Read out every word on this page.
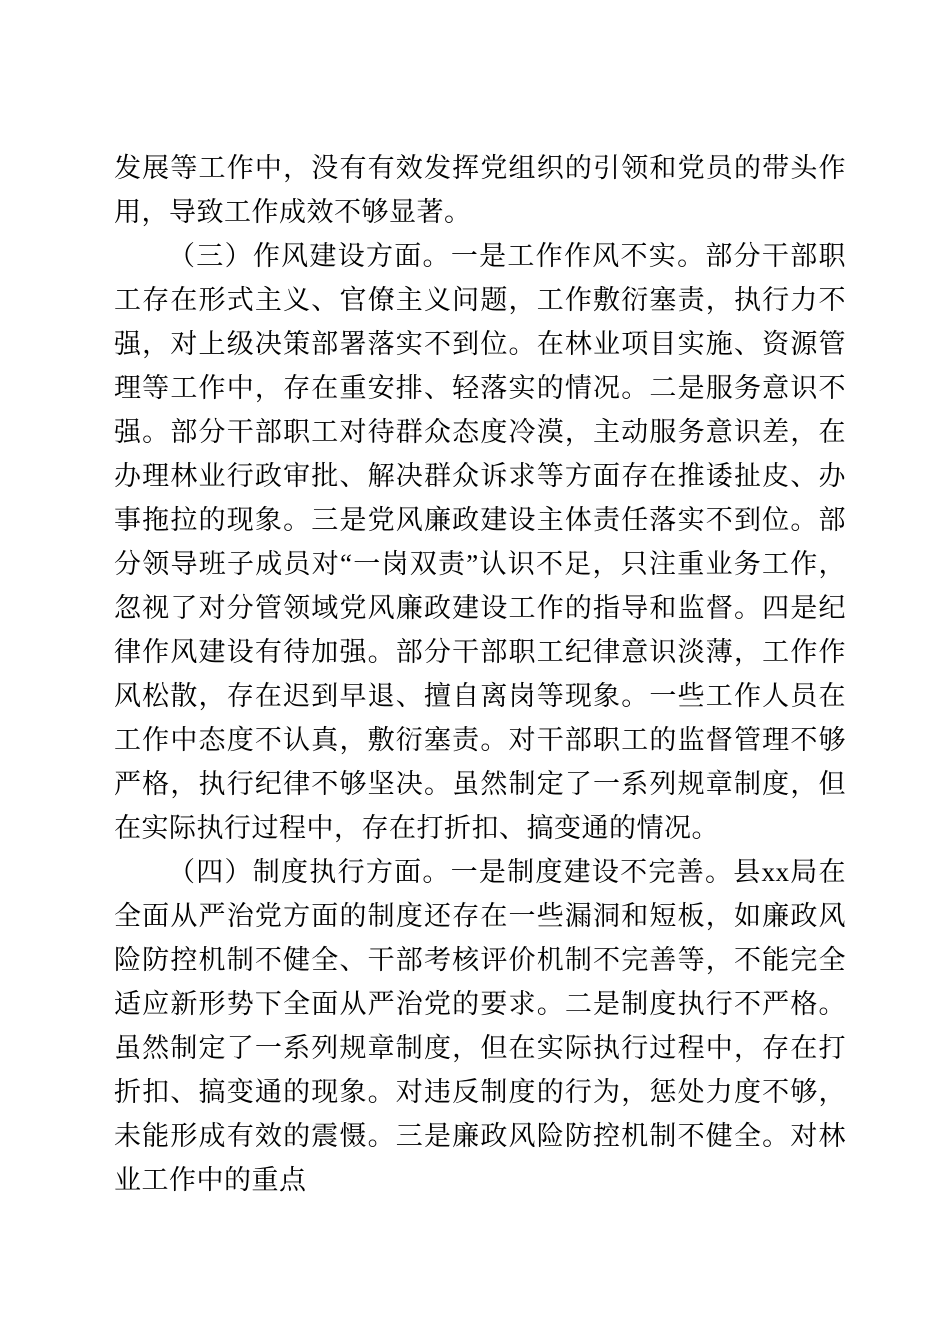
发展等工作中，没有有效发挥党组织的引领和党员的带头作用，导致工作成效不够显著。

（三）作风建设方面。一是工作作风不实。部分干部职工存在形式主义、官僚主义问题，工作敷衍塞责，执行力不强，对上级决策部署落实不到位。在林业项目实施、资源管理等工作中，存在重安排、轻落实的情况。二是服务意识不强。部分干部职工对待群众态度冷漠，主动服务意识差，在办理林业行政审批、解决群众诉求等方面存在推诿扯皮、办事拖拉的现象。三是党风廉政建设主体责任落实不到位。部分领导班子成员对“一岗双责”认识不足，只注重业务工作，忽视了对分管领域党风廉政建设工作的指导和监督。四是纪律作风建设有待加强。部分干部职工纪律意识淡薄，工作作风松散，存在迟到早退、擅自离岗等现象。一些工作人员在工作中态度不认真，敷衍塞责。对干部职工的监督管理不够严格，执行纪律不够坚决。虽然制定了一系列规章制度，但在实际执行过程中，存在打折扣、搞变通的情况。

（四）制度执行方面。一是制度建设不完善。县xx局在全面从严治党方面的制度还存在一些漏洞和短板，如廉政风险防控机制不健全、干部考核评价机制不完善等，不能完全适应新形势下全面从严治党的要求。二是制度执行不严格。虽然制定了一系列规章制度，但在实际执行过程中，存在打折扣、搞变通的现象。对违反制度的行为，惩处力度不够，未能形成有效的震慑。三是廉政风险防控机制不健全。对林业工作中的重点
